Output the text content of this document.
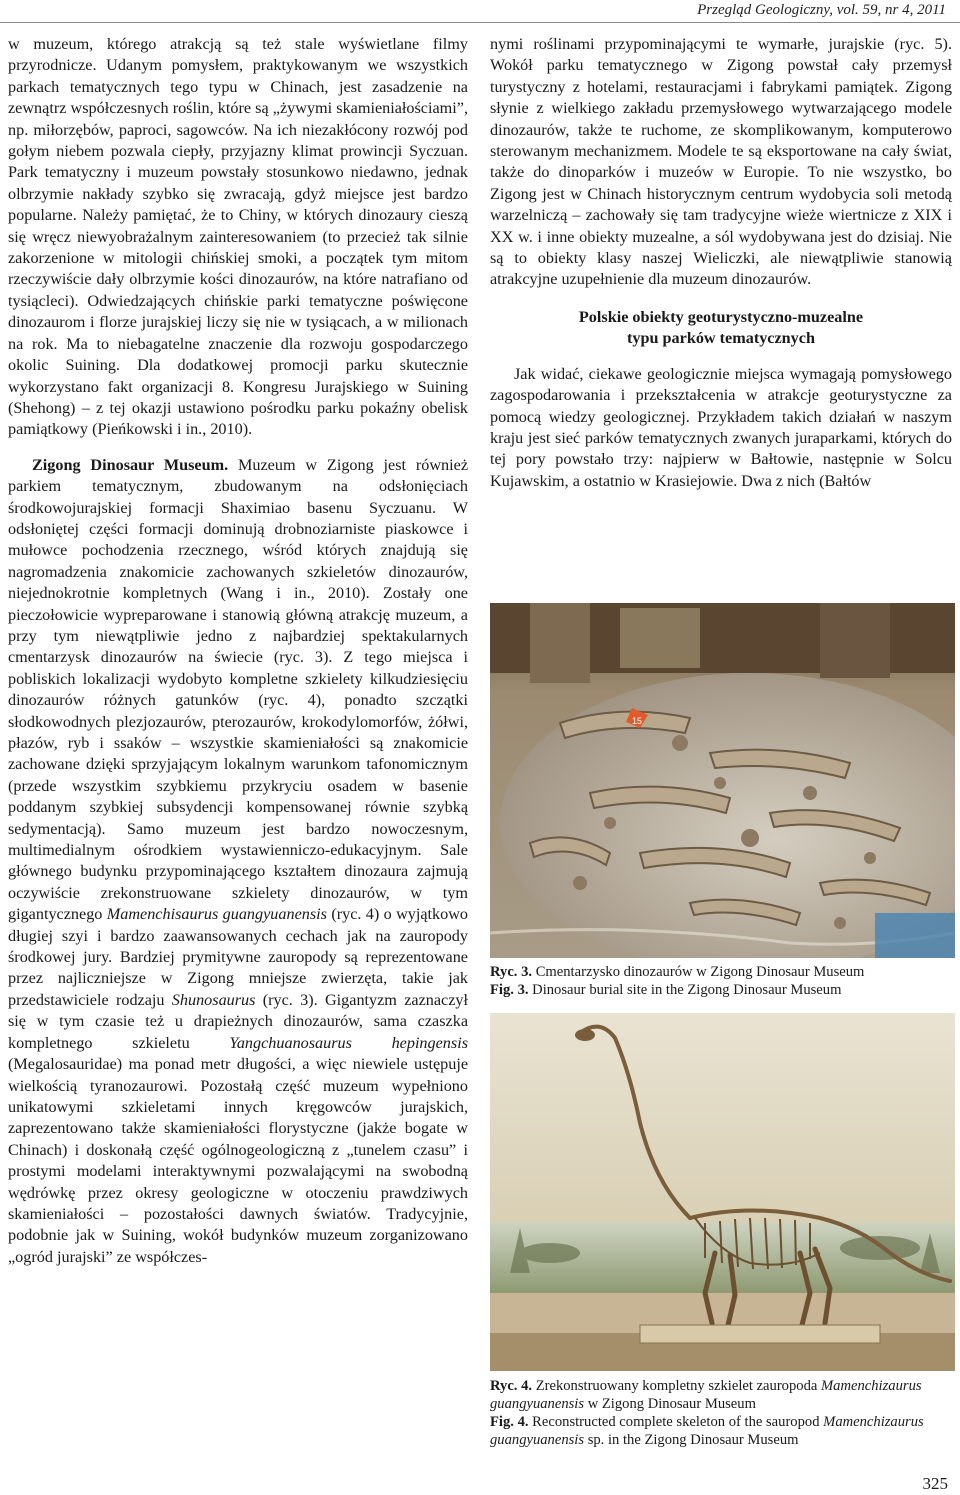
Przegląd Geologiczny, vol. 59, nr 4, 2011

w muzeum, którego atrakcją są też stale wyświetlane filmy przyrodnicze. Udanym pomysłem, praktykowanym we wszystkich parkach tematycznych tego typu w Chinach, jest zasadzenie na zewnątrz współczesnych roślin, które są „żywymi skamieniałościami”, np. miłorzębów, paproci, sagowców. Na ich niezakłócony rozwój pod gołym niebem pozwala ciepły, przyjazny klimat prowincji Syczuan. Park tematyczny i muzeum powstały stosunkowo niedawno, jednak olbrzymie nakłady szybko się zwracają, gdyż miejsce jest bardzo popularne. Należy pamiętać, że to Chiny, w których dinozaury cieszą się wręcz niewyobrażalnym zainteresowaniem (to przecież tak silnie zakorzenione w mitologii chińskiej smoki, a początek tym mitom rzeczywiście dały olbrzymie kości dinozaurów, na które natrafiano od tysiącleci). Odwiedzających chińskie parki tematyczne poświęcone dinozaurom i florze jurajskiej liczy się nie w tysiącach, a w milionach na rok. Ma to niebagatelne znaczenie dla rozwoju gospodarczego okolic Suining. Dla dodatkowej promocji parku skutecznie wykorzystano fakt organizacji 8. Kongresu Jurajskiego w Suining (Shehong) – z tej okazji ustawiono pośrodku parku pokaźny obelisk pamiątkowy (Pieńkowski i in., 2010).

Zigong Dinosaur Museum. Muzeum w Zigong jest również parkiem tematycznym, zbudowanym na odsłonięciach środkowojurajskiej formacji Shaximiao basenu Syczuanu. W odsłoniętej części formacji dominują drobnoziarniste piaskowce i mułowce pochodzenia rzecznego, wśród których znajdują się nagromadzenia znakomicie zachowanych szkieletów dinozaurów, niejednokrotnie kompletnych (Wang i in., 2010). Zostały one pieczołowicie wypreparowane i stanowią główną atrakcję muzeum, a przy tym niewątpliwie jedno z najbardziej spektakularnych cmentarzysk dinozaurów na świecie (ryc. 3). Z tego miejsca i pobliskich lokalizacji wydobyto kompletne szkielety kilkudziesięciu dinozaurów różnych gatunków (ryc. 4), ponadto szczątki słodkowodnych plezjozaurów, pterozaurów, krokodylomorfów, żółwi, płazów, ryb i ssaków – wszystkie skamieniałości są znakomicie zachowane dzięki sprzyjającym lokalnym warunkom tafonomicznym (przede wszystkim szybkiemu przykryciu osadem w basenie poddanym szybkiej subsydencji kompensowanej równie szybką sedymentacją). Samo muzeum jest bardzo nowoczesnym, multimedialnym ośrodkiem wystawienniczo-edukacyjnym. Sale głównego budynku przypominającego kształtem dinozaura zajmują oczywiście zrekonstruowane szkielety dinozaurów, w tym gigantycznego Mamenchisaurus guangyuanensis (ryc. 4) o wyjątkowo długiej szyi i bardzo zaawansowanych cechach jak na zauropody środkowej jury. Bardziej prymitywne zauropody są reprezentowane przez najliczniejsze w Zigong mniejsze zwierzęta, takie jak przedstawiciele rodzaju Shunosaurus (ryc. 3). Gigantyzm zaznaczył się w tym czasie też u drapieżnych dinozaurów, sama czaszka kompletnego szkieletu Yangchuanosaurus hepingensis (Megalosauridae) ma ponad metr długości, a więc niewiele ustępuje wielkością tyranozaurowi. Pozostałą część muzeum wypełniono unikatowymi szkieletami innych kręgowców jurajskich, zaprezentowano także skamieniałości florystyczne (jakże bogate w Chinach) i doskonałą część ogólnogeologiczną z „tunelem czasu” i prostymi modelami interaktywnymi pozwalającymi na swobodną wędrówkę przez okresy geologiczne w otoczeniu prawdziwych skamieniałości – pozostałości dawnych światów. Tradycyjnie, podobnie jak w Suining, wokół budynków muzeum zorganizowano „ogród jurajski” ze współczes-

nymi roślinami przypominającymi te wymarłe, jurajskie (ryc. 5). Wokół parku tematycznego w Zigong powstał cały przemysł turystyczny z hotelami, restauracjami i fabrykami pamiątek. Zigong słynie z wielkiego zakładu przemysłowego wytwarzającego modele dinozaurów, także te ruchome, ze skomplikowanym, komputerowo sterowanym mechanizmem. Modele te są eksportowane na cały świat, także do dinoparków i muzeów w Europie. To nie wszystko, bo Zigong jest w Chinach historycznym centrum wydobycia soli metodą warzelniczą – zachowały się tam tradycyjne wieże wiertnicze z XIX i XX w. i inne obiekty muzealne, a sól wydobywana jest do dzisiaj. Nie są to obiekty klasy naszej Wieliczki, ale niewątpliwie stanowią atrakcyjne uzupełnienie dla muzeum dinozaurów.

Polskie obiekty geoturystyczno-muzealne
typu parków tematycznych

Jak widać, ciekawe geologicznie miejsca wymagają pomysłowego zagospodarowania i przekształcenia w atrakcje geoturystyczne za pomocą wiedzy geologicznej. Przykładem takich działań w naszym kraju jest sieć parków tematycznych zwanych juraparkami, których do tej pory powstało trzy: najpierw w Bałtowie, następnie w Solcu Kujawskim, a ostatnio w Krasiejowie. Dwa z nich (Bałtów

15
Ryc. 3. Cmentarzysko dinozaurów w Zigong Dinosaur Museum
Fig. 3. Dinosaur burial site in the Zigong Dinosaur Museum
Ryc. 4. Zrekonstruowany kompletny szkielet zauropoda Mamenchizaurus guangyuanensis w Zigong Dinosaur Museum
Fig. 4. Reconstructed complete skeleton of the sauropod Mamenchizaurus guangyuanensis sp. in the Zigong Dinosaur Museum
325
